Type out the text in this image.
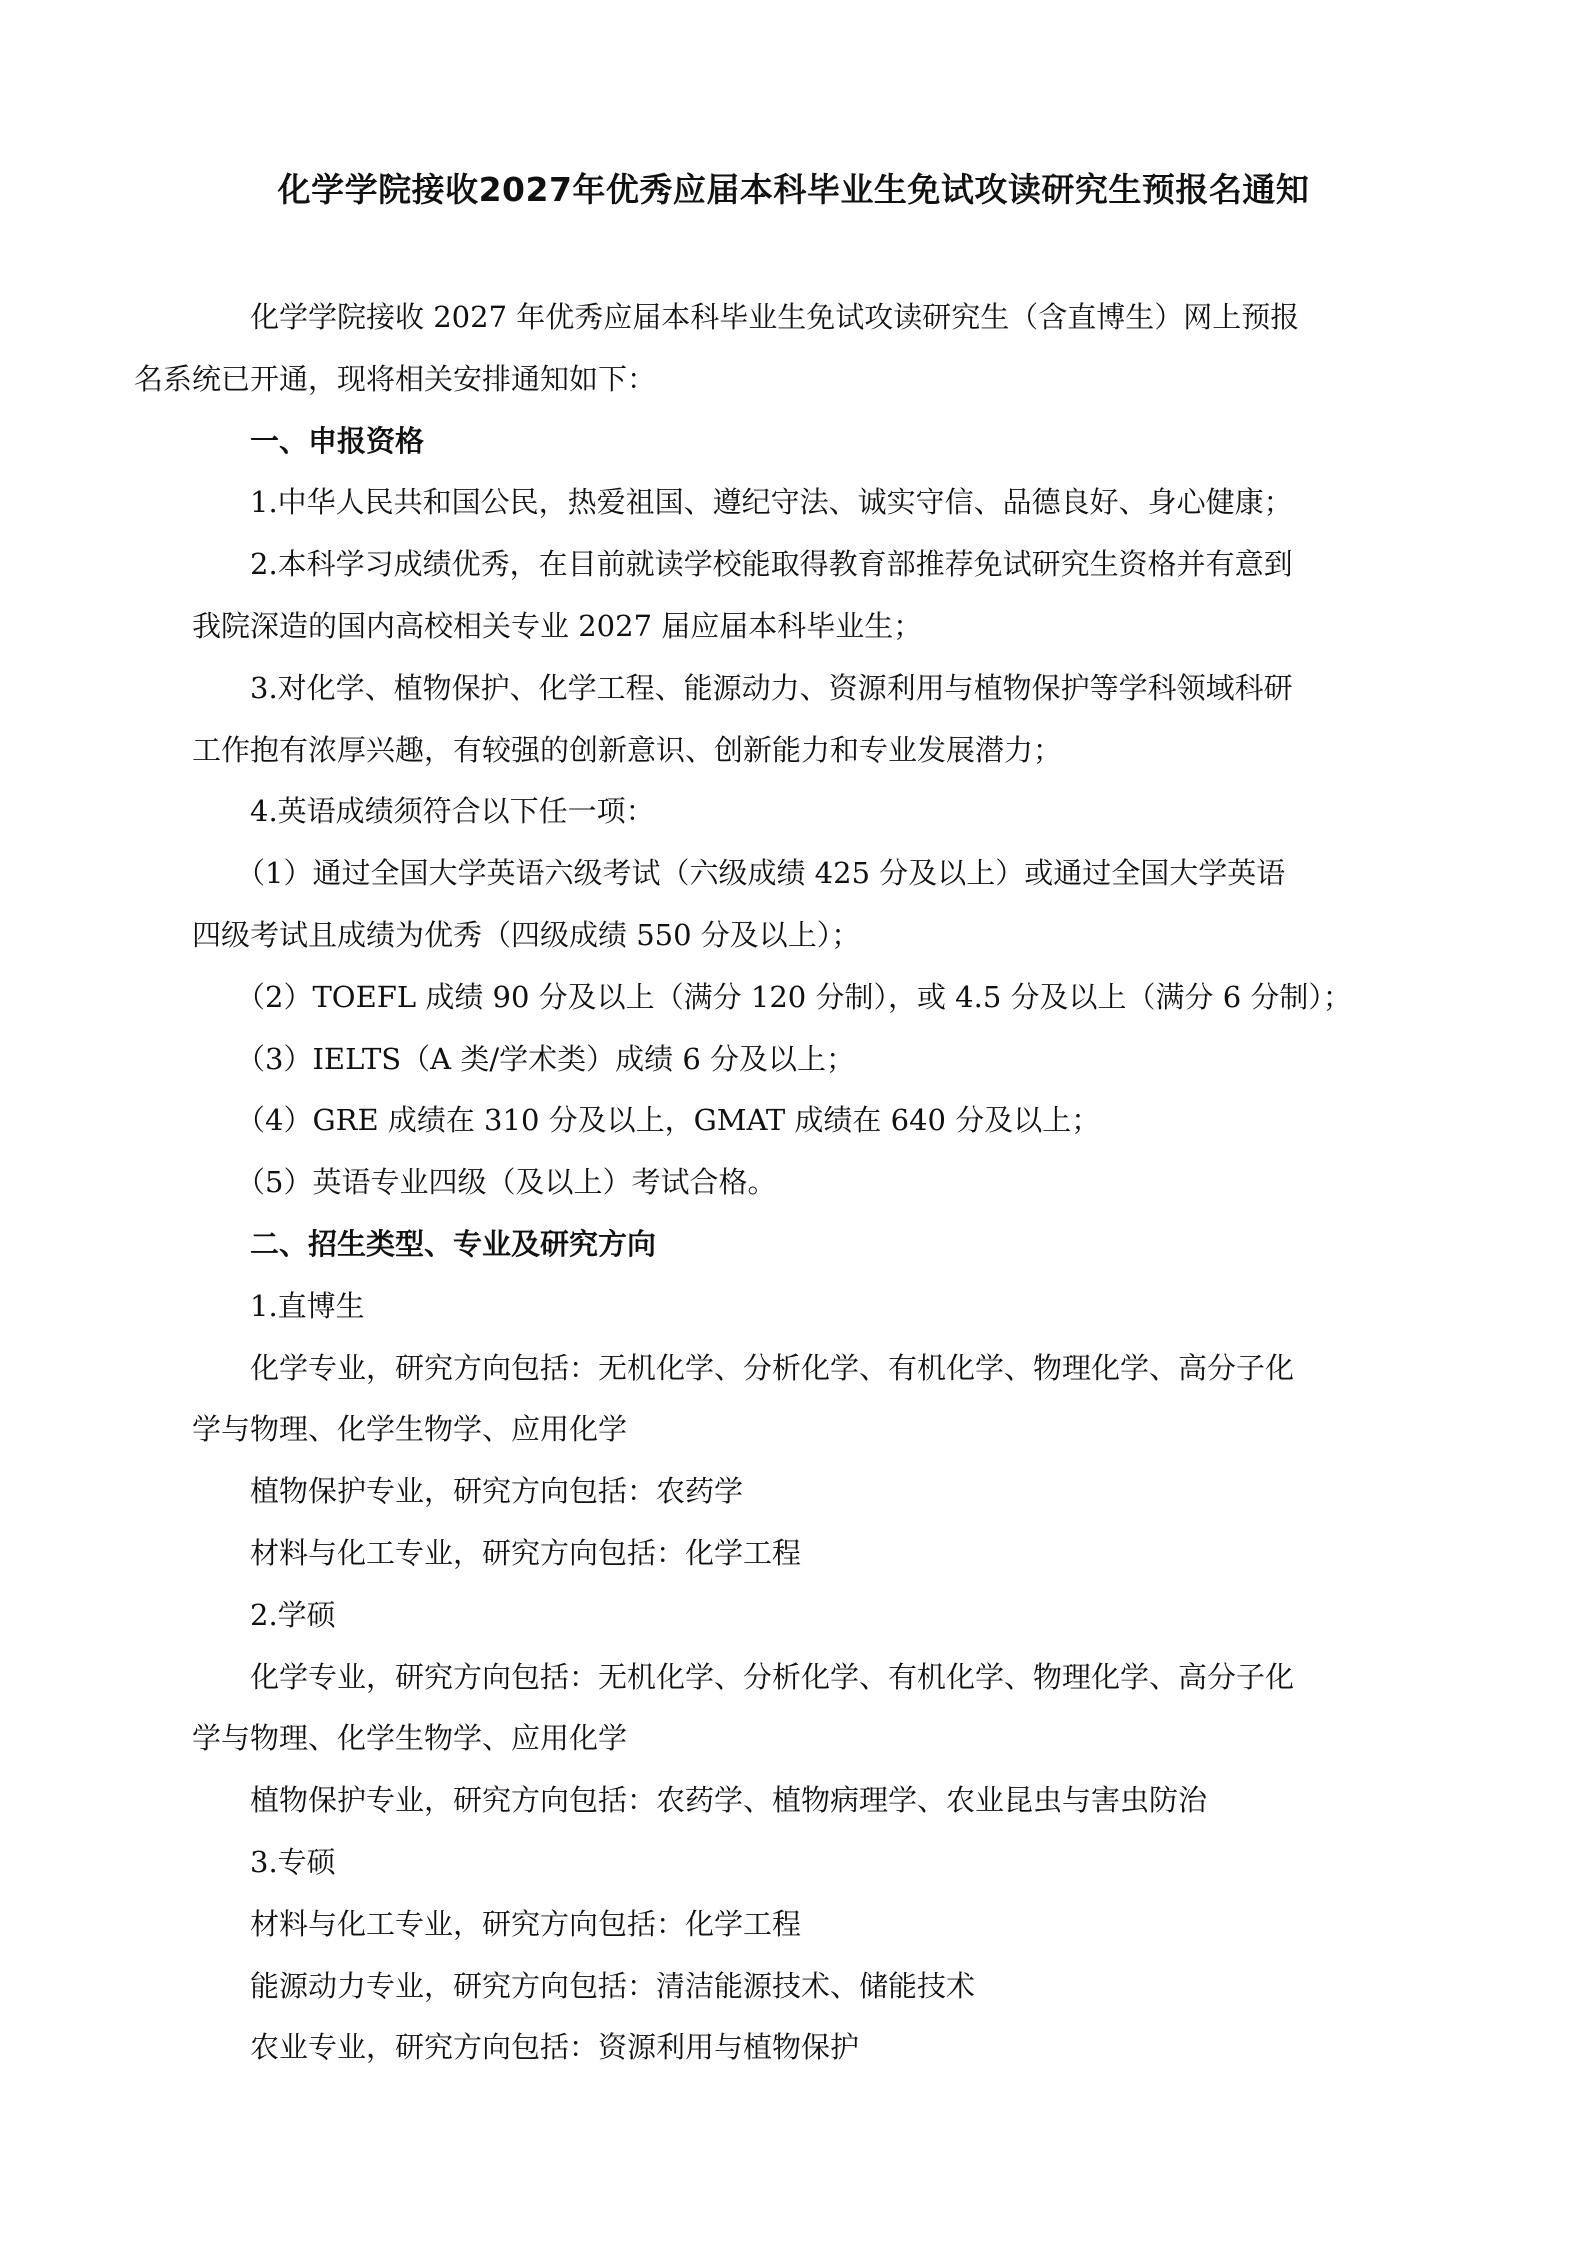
化学学院接收2027年优秀应届本科毕业生免试攻读研究生预报名通知

化学学院接收 2027 年优秀应届本科毕业生免试攻读研究生（含直博生）网上预报
名系统已开通，现将相关安排通知如下：

一、申报资格

1.中华人民共和国公民，热爱祖国、遵纪守法、诚实守信、品德良好、身心健康；

2.本科学习成绩优秀，在目前就读学校能取得教育部推荐免试研究生资格并有意到
我院深造的国内高校相关专业 2027 届应届本科毕业生；

3.对化学、植物保护、化学工程、能源动力、资源利用与植物保护等学科领域科研
工作抱有浓厚兴趣，有较强的创新意识、创新能力和专业发展潜力；

4.英语成绩须符合以下任一项：

（1）通过全国大学英语六级考试（六级成绩 425 分及以上）或通过全国大学英语
四级考试且成绩为优秀（四级成绩 550 分及以上）；

（2）TOEFL 成绩 90 分及以上（满分 120 分制），或 4.5 分及以上（满分 6 分制）；

（3）IELTS（A 类/学术类）成绩 6 分及以上；

（4）GRE 成绩在 310 分及以上，GMAT 成绩在 640 分及以上；

（5）英语专业四级（及以上）考试合格。

二、招生类型、专业及研究方向

1.直博生

化学专业，研究方向包括：无机化学、分析化学、有机化学、物理化学、高分子化
学与物理、化学生物学、应用化学

植物保护专业，研究方向包括：农药学

材料与化工专业，研究方向包括：化学工程

2.学硕

化学专业，研究方向包括：无机化学、分析化学、有机化学、物理化学、高分子化
学与物理、化学生物学、应用化学

植物保护专业，研究方向包括：农药学、植物病理学、农业昆虫与害虫防治

3.专硕

材料与化工专业，研究方向包括：化学工程

能源动力专业，研究方向包括：清洁能源技术、储能技术

农业专业，研究方向包括：资源利用与植物保护
